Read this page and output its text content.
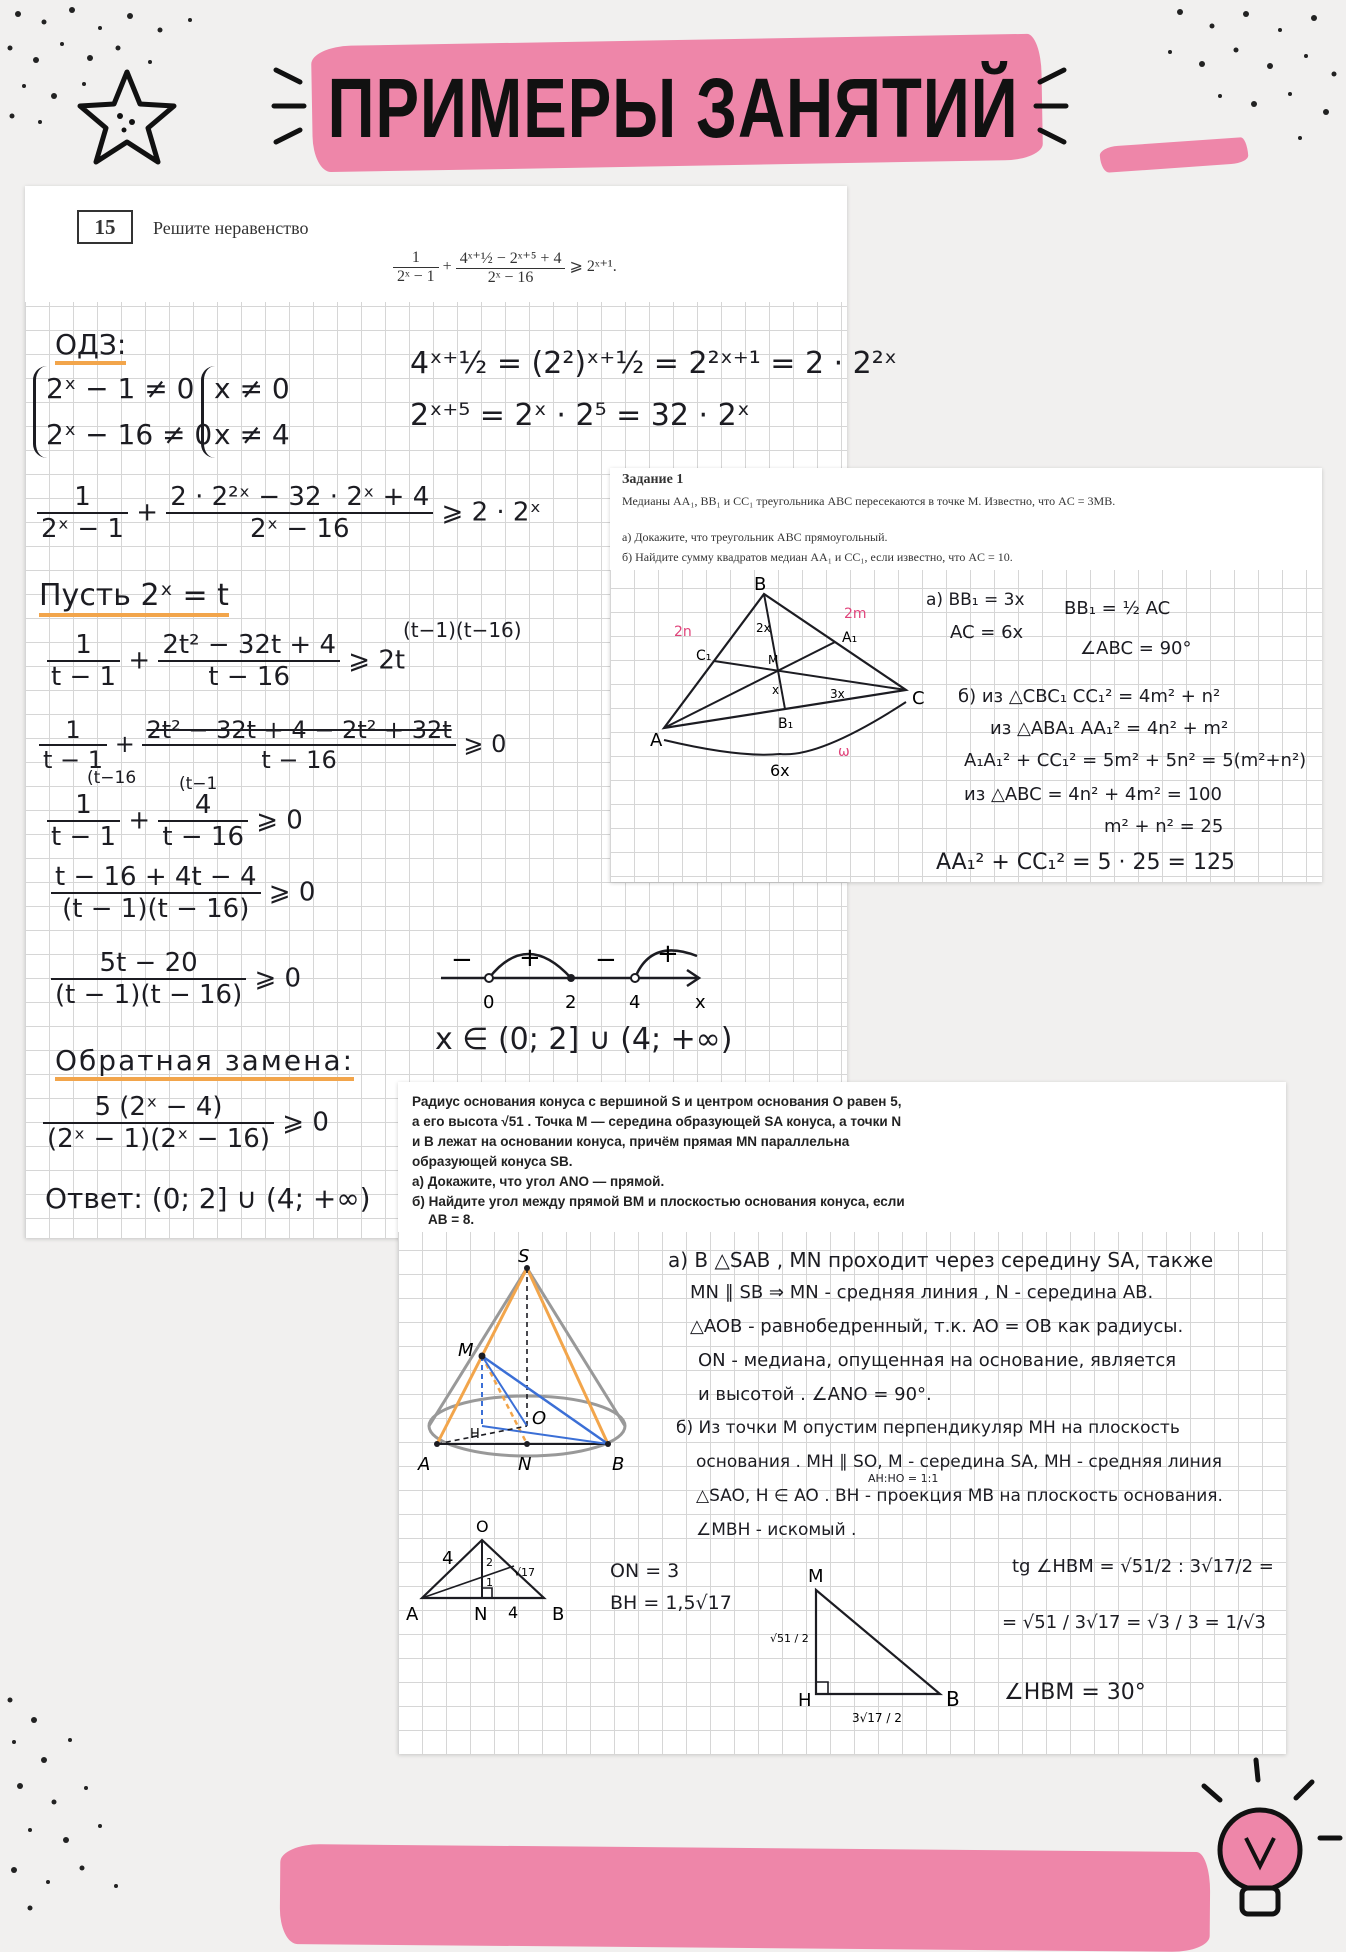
ПРИМЕРЫ ЗАНЯТИЙ
15	Решите неравенство
$\frac{1}{\text{2ˣ − 1}} + \frac{\text{4ˣ⁺½ − 2ˣ⁺⁵ + 4}}{\text{2ˣ − 16}}$ ⩾ 2ˣ⁺¹.
ОДЗ:
2ˣ − 1 ≠ 0
2ˣ − 16 ≠ 0
x ≠ 0
x ≠ 4
4ˣ⁺½ = (2²)ˣ⁺½ = 2²ˣ⁺¹ = 2 · 2²ˣ
2ˣ⁺⁵ = 2ˣ · 2⁵ = 32 · 2ˣ
$\frac{1}{\text{2ˣ − 1}} + \frac{\text{2 · 2²ˣ − 32 · 2ˣ + 4}}{\text{2ˣ − 16}}$ ⩾ 2 · 2ˣ
Пусть 2ˣ = t
$\frac{1}{t - 1} + \frac{\text{2t² − 32t + 4}}{t - 16}$ ⩾ 2t
(t−1)(t−16)
$\frac{1}{t - 1} + \frac{\text{2t² − 32t + 4 − 2t² + 32t}}{t - 16}$ ⩾ 0
(t−16	(t−1
$\frac{1}{t - 1} + \frac{4}{t - 16}$ ⩾ 0
$\frac{t - 16 + 4t - 4}{(t - 1)(t - 16)}$ ⩾ 0
$\frac{5t - 20}{(t - 1)(t - 16)}$ ⩾ 0
Обратная замена:
$\frac{\text{5 (2ˣ − 4)}}{\text{(2ˣ − 1)(2ˣ − 16)}}$ ⩾ 0
Ответ: (0; 2] ∪ (4; +∞)
− + − +
0	2	4	x
x ∈ (0; 2] ∪ (4; +∞)
Задание 1
Медианы AA₁, BB₁ и CC₁ треугольника ABC пересекаются в точке M. Известно, что AC = 3MB.
а) Докажите, что треугольник ABC прямоугольный.
б) Найдите сумму квадратов медиан AA₁ и CC₁, если известно, что AC = 10.
B
A
C
C₁
A₁
B₁
M
2x
x	3x
6x
2n
2m
ω
а) BB₁ = 3x
AC = 6x
BB₁ = ½ AC
∠ABC = 90°
б) из △CBC₁ CC₁² = 4m² + n²
из △ABA₁ AA₁² = 4n² + m²
A₁A₁² + CC₁² = 5m² + 5n² = 5(m²+n²)
из △ABC = 4n² + 4m² = 100
m² + n² = 25
AA₁² + CC₁² = 5 · 25 = 125
Радиус основания конуса с вершиной S и центром основания O равен 5,
а его высота √51 . Точка M — середина образующей SA конуса, а точки N
и B лежат на основании конуса, причём прямая MN параллельна
образующей конуса SB.
а) Докажите, что угол ANO — прямой.
б) Найдите угол между прямой BM и плоскостью основания конуса, если
AB = 8.
S
M
O
H
A	N	B
а) В △SAB , MN проходит через середину SA, также
MN ∥ SB ⇒ MN - средняя линия , N - середина AB.
△AOB - равнобедренный, т.к. AO = OB как радиусы.
ON - медиана, опущенная на основание, является
и высотой . ∠ANO = 90°.
б) Из точки M опустим перпендикуляр MH на плоскость
основания . MH ∥ SO, M - середина SA, MH - средняя линия
AH:HO = 1:1
△SAO, H ∈ AO . BH - проекция MB на плоскость основания.
∠MBH - искомый .
O
A	N	B
4
4
2
1
√17	ON = 3
BH = 1,5√17
M
H	B
√51 / 2
3√17 / 2
tg ∠HBM = √51/2 : 3√17/2 =
= √51 / 3√17 = √3 / 3 = 1/√3
∠HBM = 30°
